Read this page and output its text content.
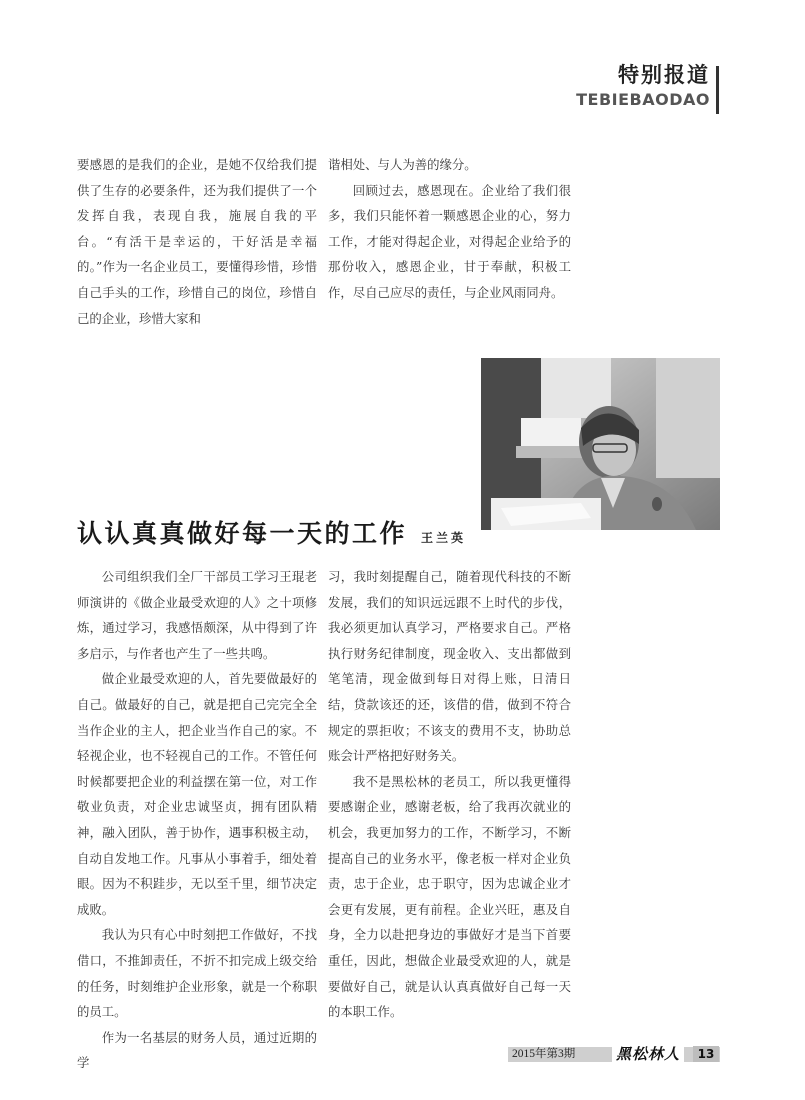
特别报道
TEBIEBAODAO

要感恩的是我们的企业，是她不仅给我们提供了生存的必要条件，还为我们提供了一个发挥自我，表现自我，施展自我的平台。“有活干是幸运的，干好活是幸福的。”作为一名企业员工，要懂得珍惜，珍惜自己手头的工作，珍惜自己的岗位，珍惜自己的企业，珍惜大家和

谐相处、与人为善的缘分。

回顾过去，感恩现在。企业给了我们很多，我们只能怀着一颗感恩企业的心，努力工作，才能对得起企业，对得起企业给予的那份收入，感恩企业，甘于奉献，积极工作，尽自己应尽的责任，与企业风雨同舟。

认认真真做好每一天的工作 王兰英

公司组织我们全厂干部员工学习王琨老师演讲的《做企业最受欢迎的人》之十项修炼，通过学习，我感悟颇深，从中得到了许多启示，与作者也产生了一些共鸣。

做企业最受欢迎的人，首先要做最好的自己。做最好的自己，就是把自己完完全全当作企业的主人，把企业当作自己的家。不轻视企业，也不轻视自己的工作。不管任何时候都要把企业的利益摆在第一位，对工作敬业负责，对企业忠诚坚贞，拥有团队精神，融入团队，善于协作，遇事积极主动，自动自发地工作。凡事从小事着手，细处着眼。因为不积跬步，无以至千里，细节决定成败。

我认为只有心中时刻把工作做好，不找借口，不推卸责任，不折不扣完成上级交给的任务，时刻维护企业形象，就是一个称职的员工。

作为一名基层的财务人员，通过近期的学

习，我时刻提醒自己，随着现代科技的不断发展，我们的知识远远跟不上时代的步伐，我必须更加认真学习，严格要求自己。严格执行财务纪律制度，现金收入、支出都做到笔笔清，现金做到每日对得上账，日清日结，贷款该还的还，该借的借，做到不符合规定的票拒收；不该支的费用不支，协助总账会计严格把好财务关。

我不是黑松林的老员工，所以我更懂得要感谢企业，感谢老板，给了我再次就业的机会，我更加努力的工作，不断学习，不断提高自己的业务水平，像老板一样对企业负责，忠于企业，忠于职守，因为忠诚企业才会更有发展，更有前程。企业兴旺，惠及自身，全力以赴把身边的事做好才是当下首要重任，因此，想做企业最受欢迎的人，就是要做好自己，就是认认真真做好自己每一天的本职工作。

2015年第3期	黑松林人	13
